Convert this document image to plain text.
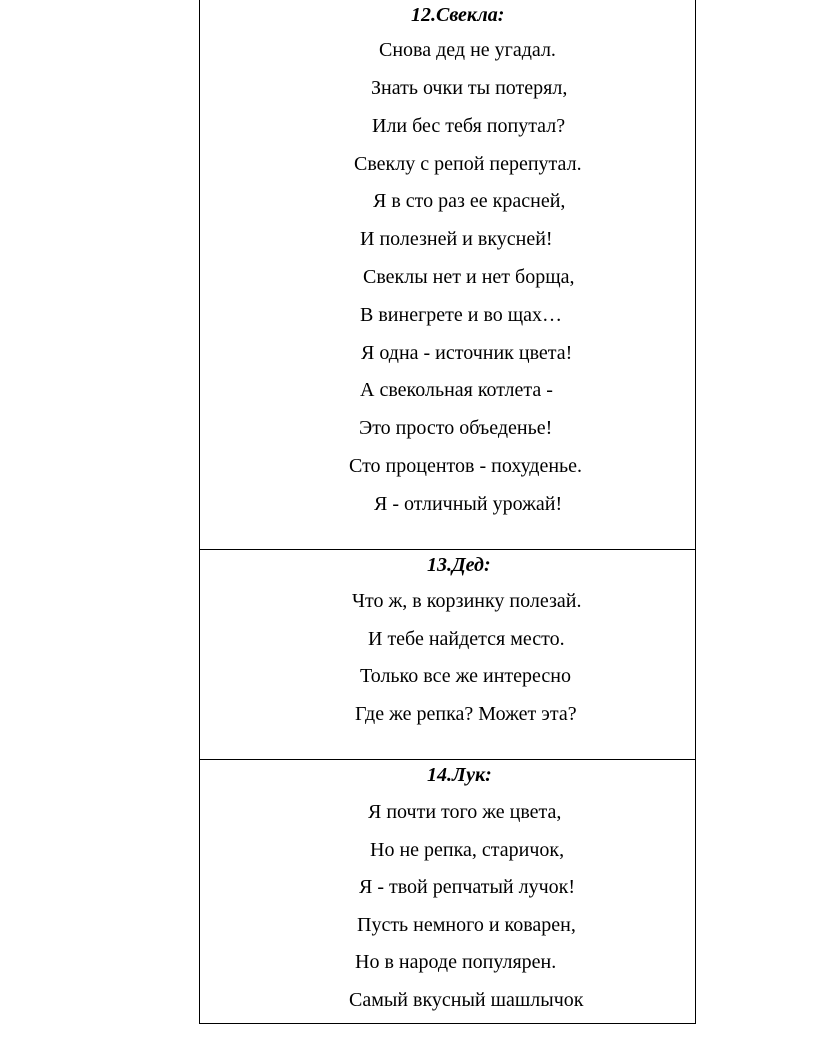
12.Свекла:
Снова дед не угадал.
Знать очки ты потерял,
Или бес тебя попутал?
Свеклу с репой перепутал.
Я в сто раз ее красней,
И полезней и вкусней!
Свеклы нет и нет борща,
В винегрете и во щах…
Я одна - источник цвета!
А свекольная котлета -
Это просто объеденье!
Сто процентов - похуденье.
Я - отличный урожай!
13.Дед:
Что ж, в корзинку полезай.
И тебе найдется место.
Только все же интересно
Где же репка? Может эта?
14.Лук:
Я почти того же цвета,
Но не репка, старичок,
Я - твой репчатый лучок!
Пусть немного и коварен,
Но в народе популярен.
Самый вкусный шашлычок
